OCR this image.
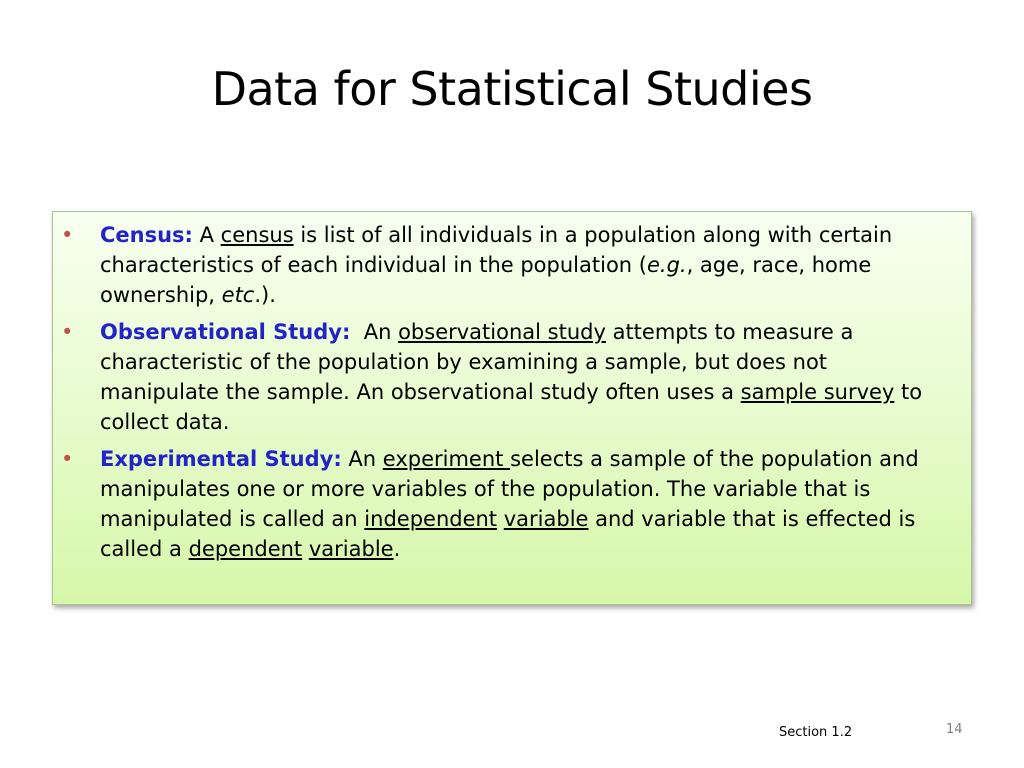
Data for Statistical Studies
• Census: A census is list of all individuals in a population along with certain characteristics of each individual in the population (e.g., age, race, home ownership, etc.).
• Observational Study:  An observational study attempts to measure a characteristic of the population by examining a sample, but does not manipulate the sample. An observational study often uses a sample survey to collect data.
• Experimental Study: An experiment selects a sample of the population and manipulates one or more variables of the population. The variable that is manipulated is called an independent variable and variable that is effected is called a dependent variable.
Section 1.2	14
